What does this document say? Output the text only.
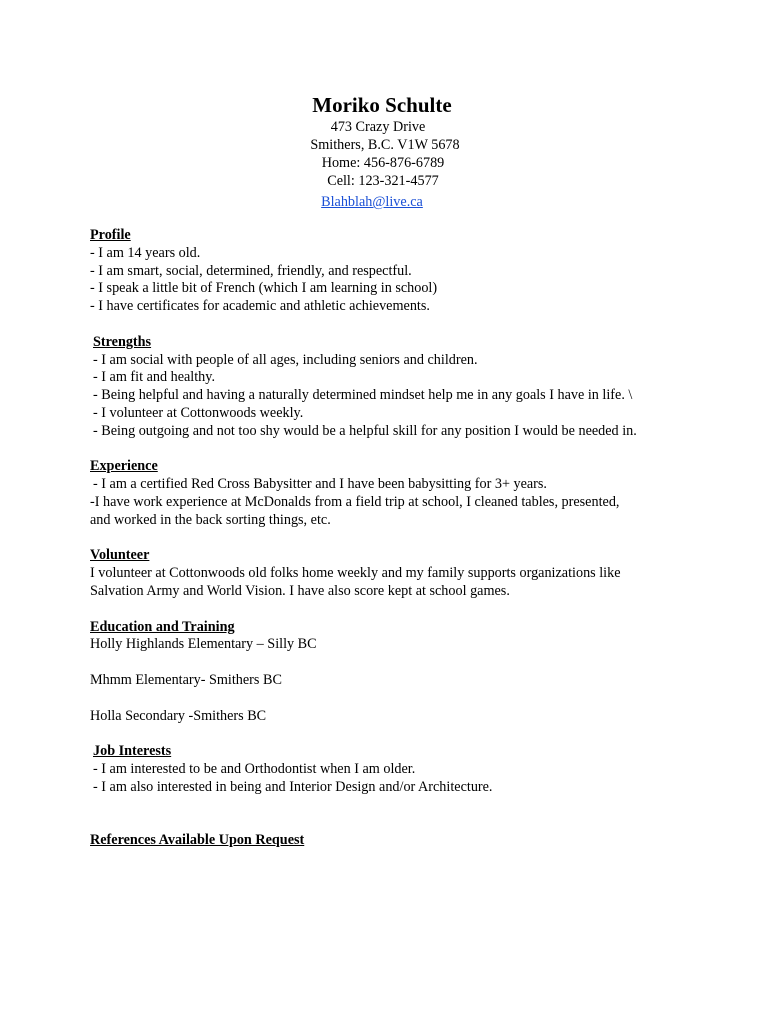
Moriko Schulte

473 Crazy Drive

Smithers, B.C. V1W 5678

Home: 456-876-6789

Cell: 123-321-4577

Blahblah@live.ca

Profile

- I am 14 years old.

- I am smart, social, determined, friendly, and respectful.

- I speak a little bit of French (which I am learning in school)

- I have certificates for academic and athletic achievements.

Strengths

- I am social with people of all ages, including seniors and children.

- I am fit and healthy.

- Being helpful and having a naturally determined mindset help me in any goals I have in life. \

- I volunteer at Cottonwoods weekly.

- Being outgoing and not too shy would be a helpful skill for any position I would be needed in.

Experience

- I am a certified Red Cross Babysitter and I have been babysitting for 3+ years.

-I have work experience at McDonalds from a field trip at school, I cleaned tables, presented,

and worked in the back sorting things, etc.

Volunteer

I volunteer at Cottonwoods old folks home weekly and my family supports organizations like

Salvation Army and World Vision. I have also score kept at school games.

Education and Training

Holly Highlands Elementary – Silly BC

Mhmm Elementary- Smithers BC

Holla Secondary -Smithers BC

Job Interests

- I am interested to be and Orthodontist when I am older.

- I am also interested in being and Interior Design and/or Architecture.

References Available Upon Request
